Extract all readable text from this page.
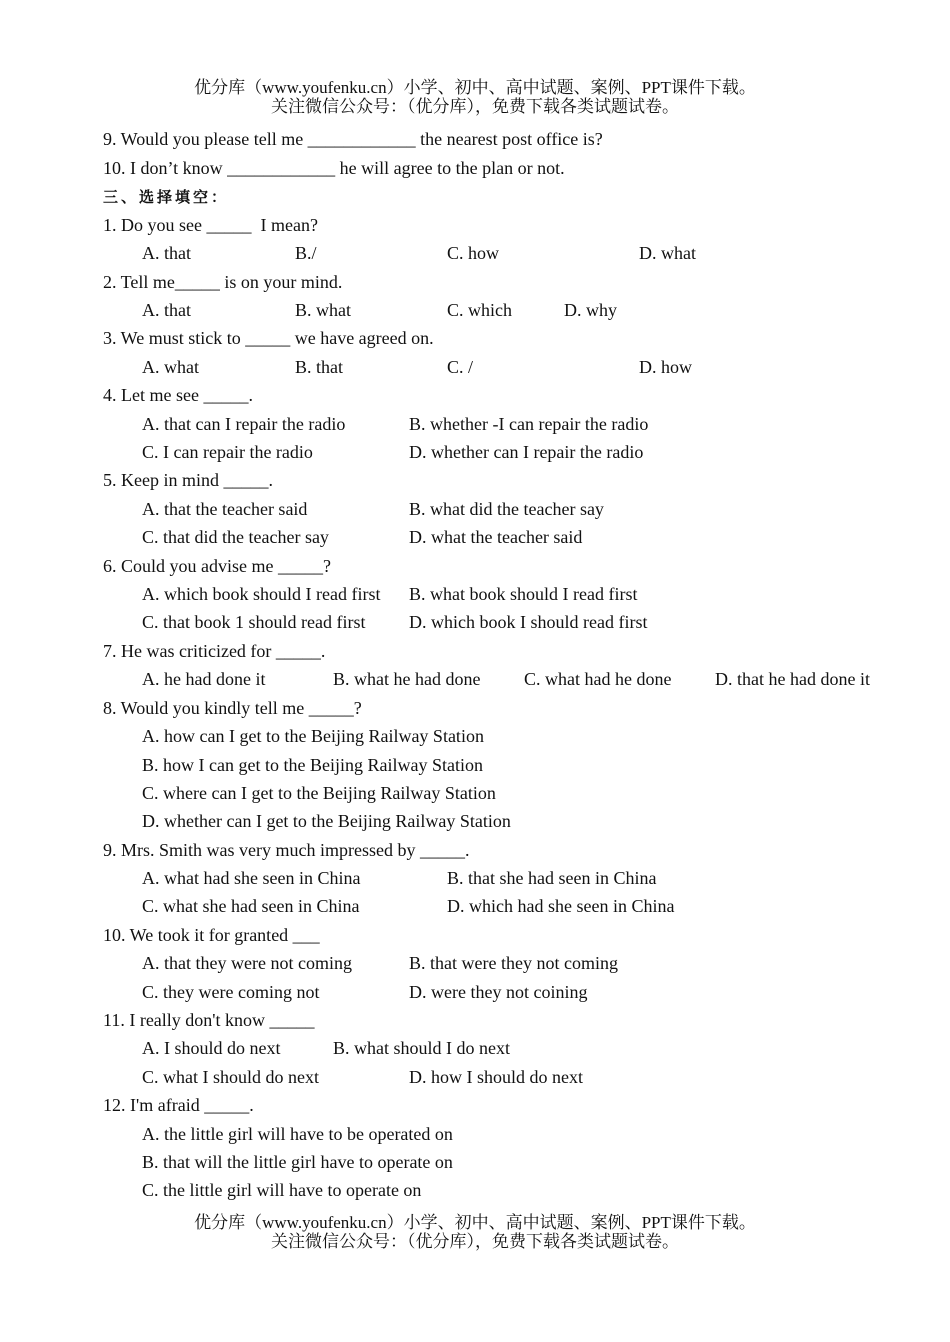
优分库（www.youfenku.cn）小学、初中、高中试题、案例、PPT课件下载。
关注微信公众号：（优分库），免费下载各类试题试卷。
9. Would you please tell me ____________ the nearest post office is?
10. I don’t know ____________ he will agree to the plan or not.
三、选择填空：
1. Do you see _____  I mean?
A. that	B./	C. how	D. what
2. Tell me_____ is on your mind.
A. that	B. what	C. which	D. why
3. We must stick to _____ we have agreed on.
A. what	B. that	C. /	D. how
4. Let me see _____.
A. that can I repair the radio	B. whether -I can repair the radio
C. I can repair the radio	D. whether can I repair the radio
5. Keep in mind _____.
A. that the teacher said	B. what did the teacher say
C. that did the teacher say	D. what the teacher said
6. Could you advise me _____?
A. which book should I read first B. what book should I read first
C. that book 1 should read first D. which book I should read first
7. He was criticized for _____.
A. he had done it	B. what he had done C. what had he done D. that he had done it
8. Would you kindly tell me _____?
A. how can I get to the Beijing Railway Station
B. how I can get to the Beijing Railway Station
C. where can I get to the Beijing Railway Station
D. whether can I get to the Beijing Railway Station
9. Mrs. Smith was very much impressed by _____.
A. what had she seen in China	B. that she had seen in China
C. what she had seen in China	D. which had she seen in China
10. We took it for granted ___
A. that they were not coming	B. that were they not coming
C. they were coming not	D. were they not coining
11. I really don't know _____
A. I should do next	B. what should I do next
C. what I should do next	D. how I should do next
12. I'm afraid _____.
A. the little girl will have to be operated on
B. that will the little girl have to operate on
C. the little girl will have to operate on
优分库（www.youfenku.cn）小学、初中、高中试题、案例、PPT课件下载。
关注微信公众号：（优分库），免费下载各类试题试卷。
